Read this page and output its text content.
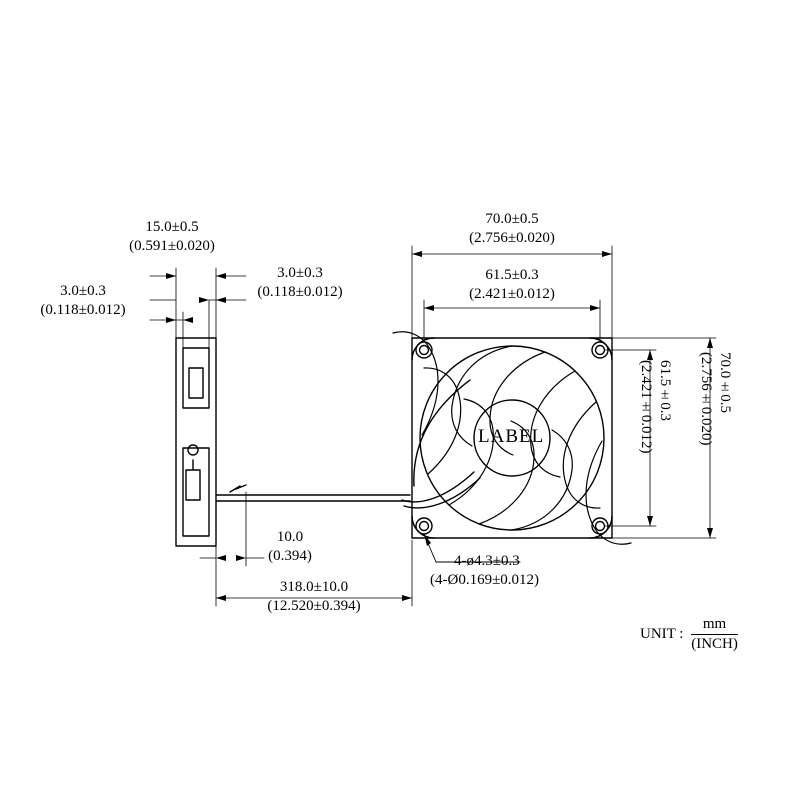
15.0±0.5
(0.591±0.020)
3.0±0.3
(0.118±0.012)
3.0±0.3
(0.118±0.012)
10.0
(0.394)
318.0±10.0
(12.520±0.394)
70.0±0.5
(2.756±0.020)
61.5±0.3
(2.421±0.012)
61.5±0.3
(2.421±0.012)	70.0±0.5
(2.756±0.020)
4-ø4.3±0.3
(4-Ø0.169±0.012)
LABEL
UNIT : $\frac{mm}{\text{(INCH)}}$
